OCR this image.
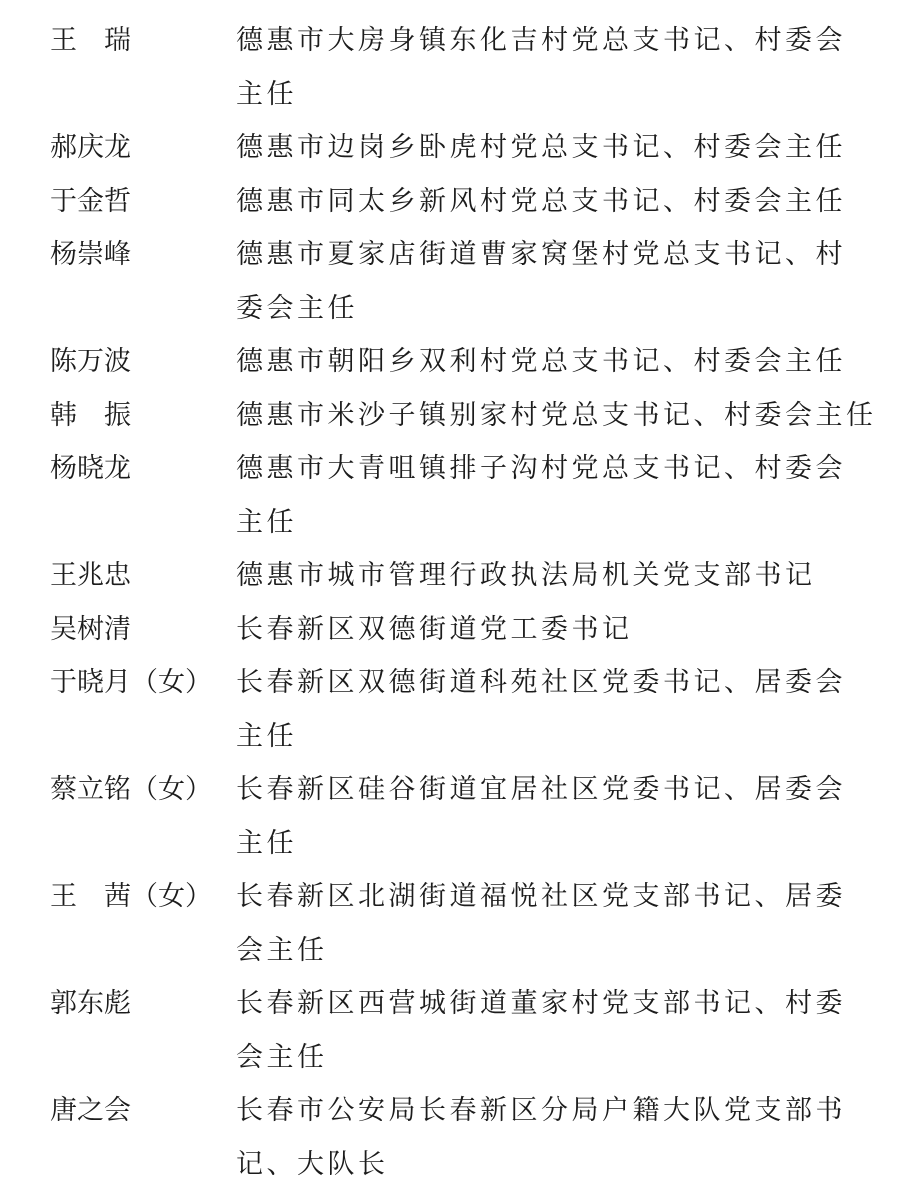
王　瑞	德惠市大房身镇东化吉村党总支书记、村委会
主任
郝庆龙	德惠市边岗乡卧虎村党总支书记、村委会主任
于金哲	德惠市同太乡新风村党总支书记、村委会主任
杨崇峰	德惠市夏家店街道曹家窝堡村党总支书记、村
委会主任
陈万波	德惠市朝阳乡双利村党总支书记、村委会主任
韩　振	德惠市米沙子镇别家村党总支书记、村委会主任
杨晓龙	德惠市大青咀镇排子沟村党总支书记、村委会
主任
王兆忠	德惠市城市管理行政执法局机关党支部书记
吴树清	长春新区双德街道党工委书记
于晓月（女） 长春新区双德街道科苑社区党委书记、居委会
主任
蔡立铭（女） 长春新区硅谷街道宜居社区党委书记、居委会
主任
王　茜（女） 长春新区北湖街道福悦社区党支部书记、居委
会主任
郭东彪	长春新区西营城街道董家村党支部书记、村委
会主任
唐之会	长春市公安局长春新区分局户籍大队党支部书
记、大队长
